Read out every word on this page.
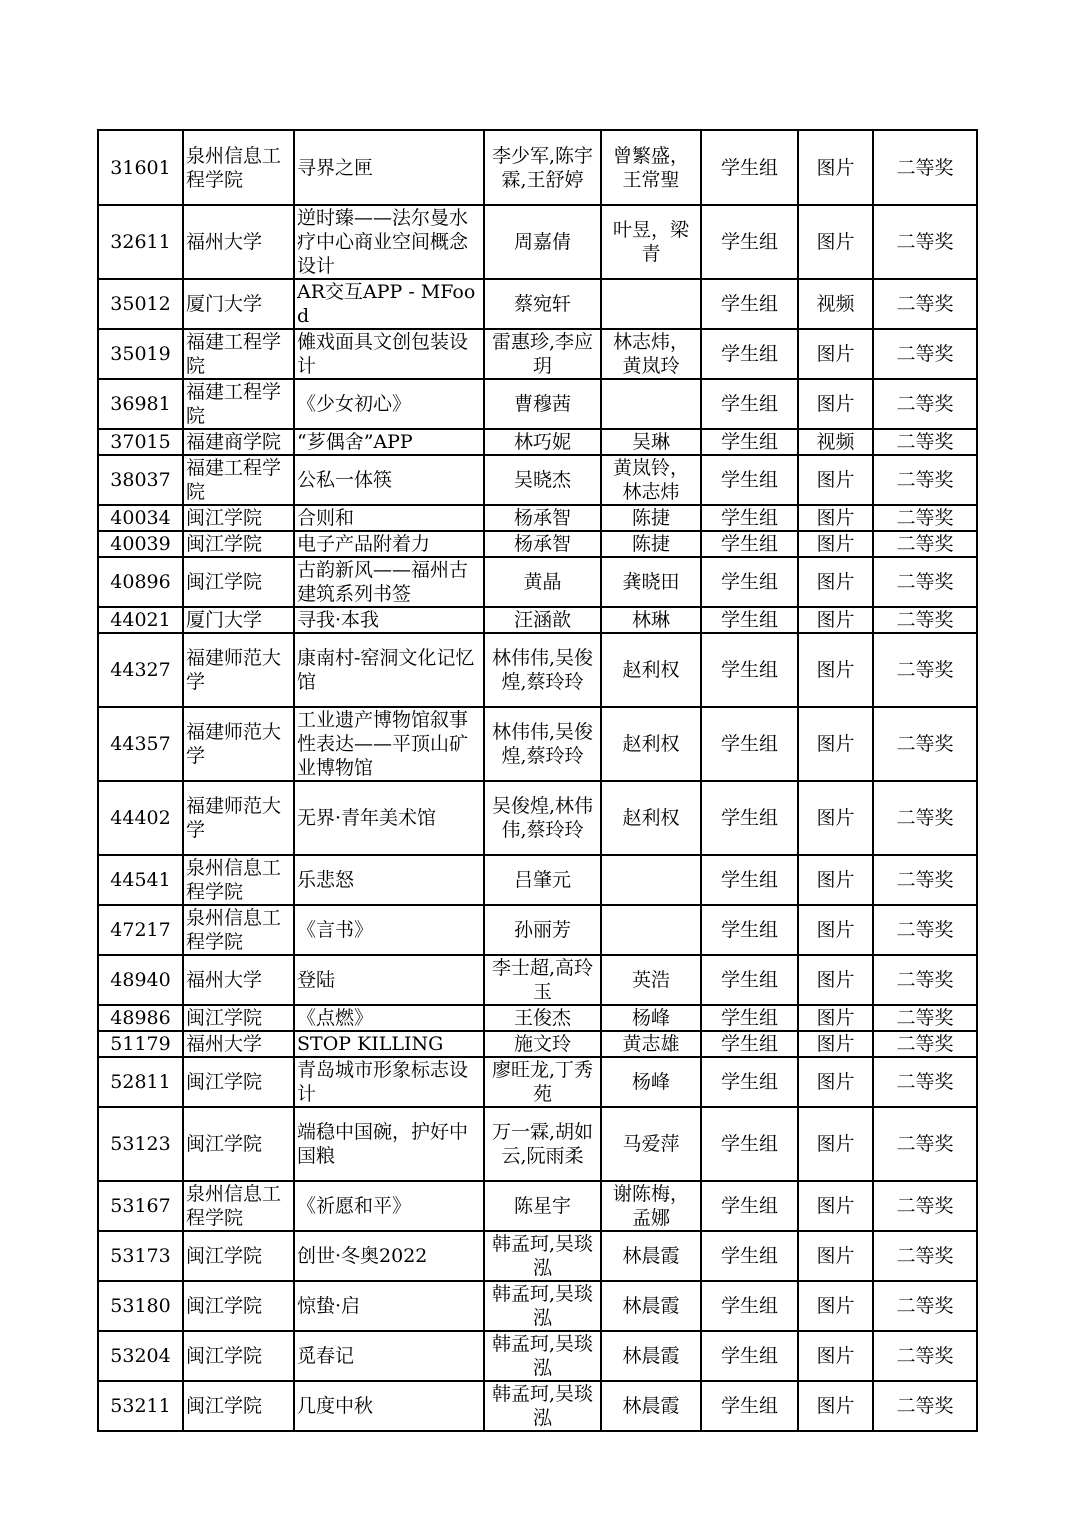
31601	泉州信息工程学院	寻界之匣	李少军,陈宇霖,王舒婷	曾繁盛，王常聖	学生组	图片	二等奖
32611	福州大学	逆时臻——法尔曼水疗中心商业空间概念设计	周嘉倩	叶昱，梁青	学生组	图片	二等奖
35012	厦门大学	AR交互APP - MFood	蔡宛轩		学生组	视频	二等奖
35019	福建工程学院	傩戏面具文创包装设计	雷惠珍,李应玥	林志炜，黄岚玲	学生组	图片	二等奖
36981	福建工程学院	《少女初心》	曹穆茜		学生组	图片	二等奖
37015	福建商学院	“芗偶舍”APP	林巧妮	吴琳	学生组	视频	二等奖
38037	福建工程学院	公私一体筷	吴晓杰	黄岚铃，林志炜	学生组	图片	二等奖
40034	闽江学院	合则和	杨承智	陈捷	学生组	图片	二等奖
40039	闽江学院	电子产品附着力	杨承智	陈捷	学生组	图片	二等奖
40896	闽江学院	古韵新风——福州古建筑系列书签	黄晶	龚晓田	学生组	图片	二等奖
44021	厦门大学	寻我·本我	汪涵歆	林琳	学生组	图片	二等奖
44327	福建师范大学	康南村-窑洞文化记忆馆	林伟伟,吴俊煌,蔡玲玲	赵利权	学生组	图片	二等奖
44357	福建师范大学	工业遗产博物馆叙事性表达——平顶山矿业博物馆	林伟伟,吴俊煌,蔡玲玲	赵利权	学生组	图片	二等奖
44402	福建师范大学	无界·青年美术馆	吴俊煌,林伟伟,蔡玲玲	赵利权	学生组	图片	二等奖
44541	泉州信息工程学院	乐悲怒	吕肇元		学生组	图片	二等奖
47217	泉州信息工程学院	《言书》	孙丽芳		学生组	图片	二等奖
48940	福州大学	登陆	李士超,高玲玉	英浩	学生组	图片	二等奖
48986	闽江学院	《点燃》	王俊杰	杨峰	学生组	图片	二等奖
51179	福州大学	STOP KILLING	施文玲	黄志雄	学生组	图片	二等奖
52811	闽江学院	青岛城市形象标志设计	廖旺龙,丁秀苑	杨峰	学生组	图片	二等奖
53123	闽江学院	端稳中国碗，护好中国粮	万一霖,胡如云,阮雨柔	马爱萍	学生组	图片	二等奖
53167	泉州信息工程学院	《祈愿和平》	陈星宇	谢陈梅，孟娜	学生组	图片	二等奖
53173	闽江学院	创世·冬奥2022	韩孟珂,吴琰泓	林晨霞	学生组	图片	二等奖
53180	闽江学院	惊蛰·启	韩孟珂,吴琰泓	林晨霞	学生组	图片	二等奖
53204	闽江学院	觅春记	韩孟珂,吴琰泓	林晨霞	学生组	图片	二等奖
53211	闽江学院	几度中秋	韩孟珂,吴琰泓	林晨霞	学生组	图片	二等奖
